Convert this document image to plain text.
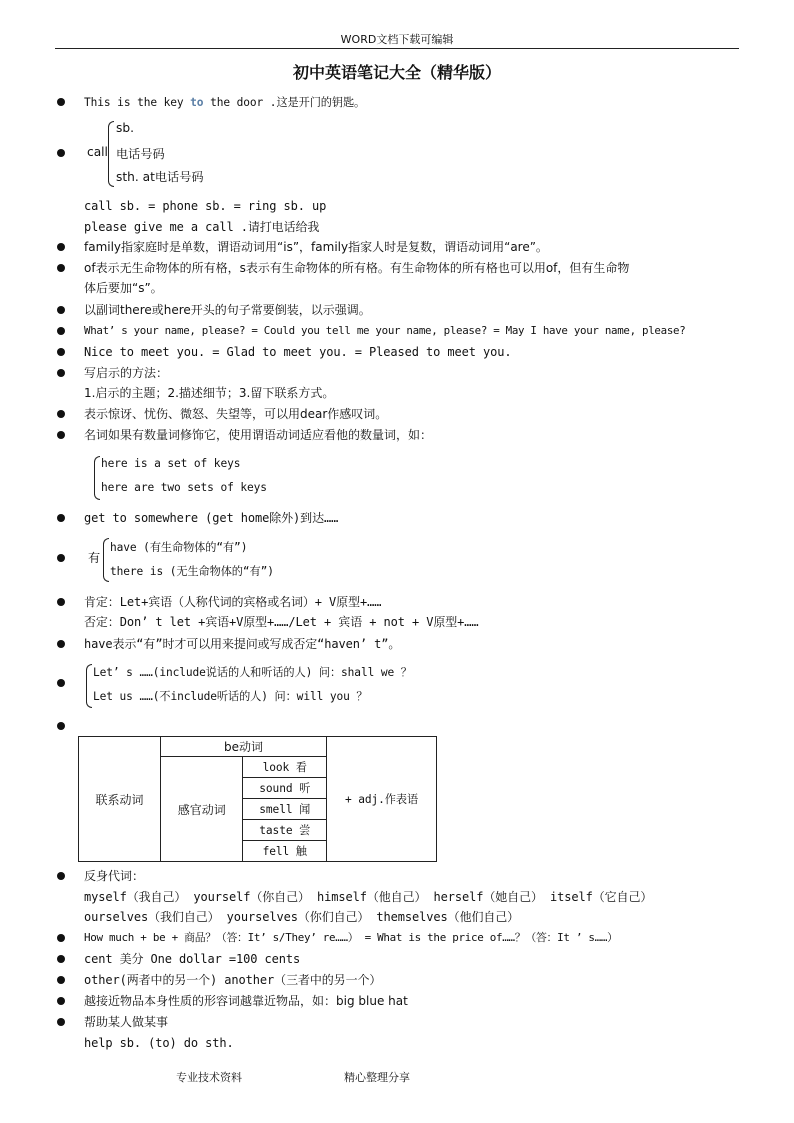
WORD文档下载可编辑
初中英语笔记大全（精华版）
This is the key to the door .这是开门的钥匙。
call
sb.
电话号码
sth. at电话号码
call sb. = phone sb. = ring sb. up
please give me a call .请打电话给我
family指家庭时是单数，谓语动词用“is”，family指家人时是复数，谓语动词用“are”。
of表示无生命物体的所有格，s表示有生命物体的所有格。有生命物体的所有格也可以用of，但有生命物
体后要加“s”。
以副词there或here开头的句子常要倒装，以示强调。
What’ s your name, please? = Could you tell me your name, please? = May I have your name, please?
Nice to meet you. = Glad to meet you. = Pleased to meet you.
写启示的方法：
1.启示的主题；2.描述细节；3.留下联系方式。
表示惊讶、忧伤、微怒、失望等，可以用dear作感叹词。
名词如果有数量词修饰它，使用谓语动词适应看他的数量词，如：
here is a set of keys
here are two sets of keys
get to somewhere (get home除外)到达……
有
have (有生命物体的“有”)
there is (无生命物体的“有”)
肯定：Let+宾语（人称代词的宾格或名词）+ V原型+……
否定：Don’ t let +宾语+V原型+……/Let + 宾语 + not + V原型+……
have表示“有”时才可以用来提问或写成否定“haven’ t”。
Let’ s ……(include说话的人和听话的人) 问：shall we ？
Let us ……(不include听话的人) 问：will you ？
联系动词	be动词		+ adj.作表语
	感官动词	look 看	
		sound 听	
		smell 闻	
		taste 尝	
		fell 触	
反身代词：
myself（我自己） yourself（你自己） himself（他自己） herself（她自己） itself（它自己）
ourselves（我们自己） yourselves（你们自己） themselves（他们自己）
How much + be + 商品？（答：It’ s/They’ re……） = What is the price of……？（答：It ’ s……）
cent 美分 One dollar =100 cents
other(两者中的另一个) another（三者中的另一个）
越接近物品本身性质的形容词越靠近物品，如：big blue hat
帮助某人做某事
help sb. (to) do sth.
专业技术资料	精心整理分享
